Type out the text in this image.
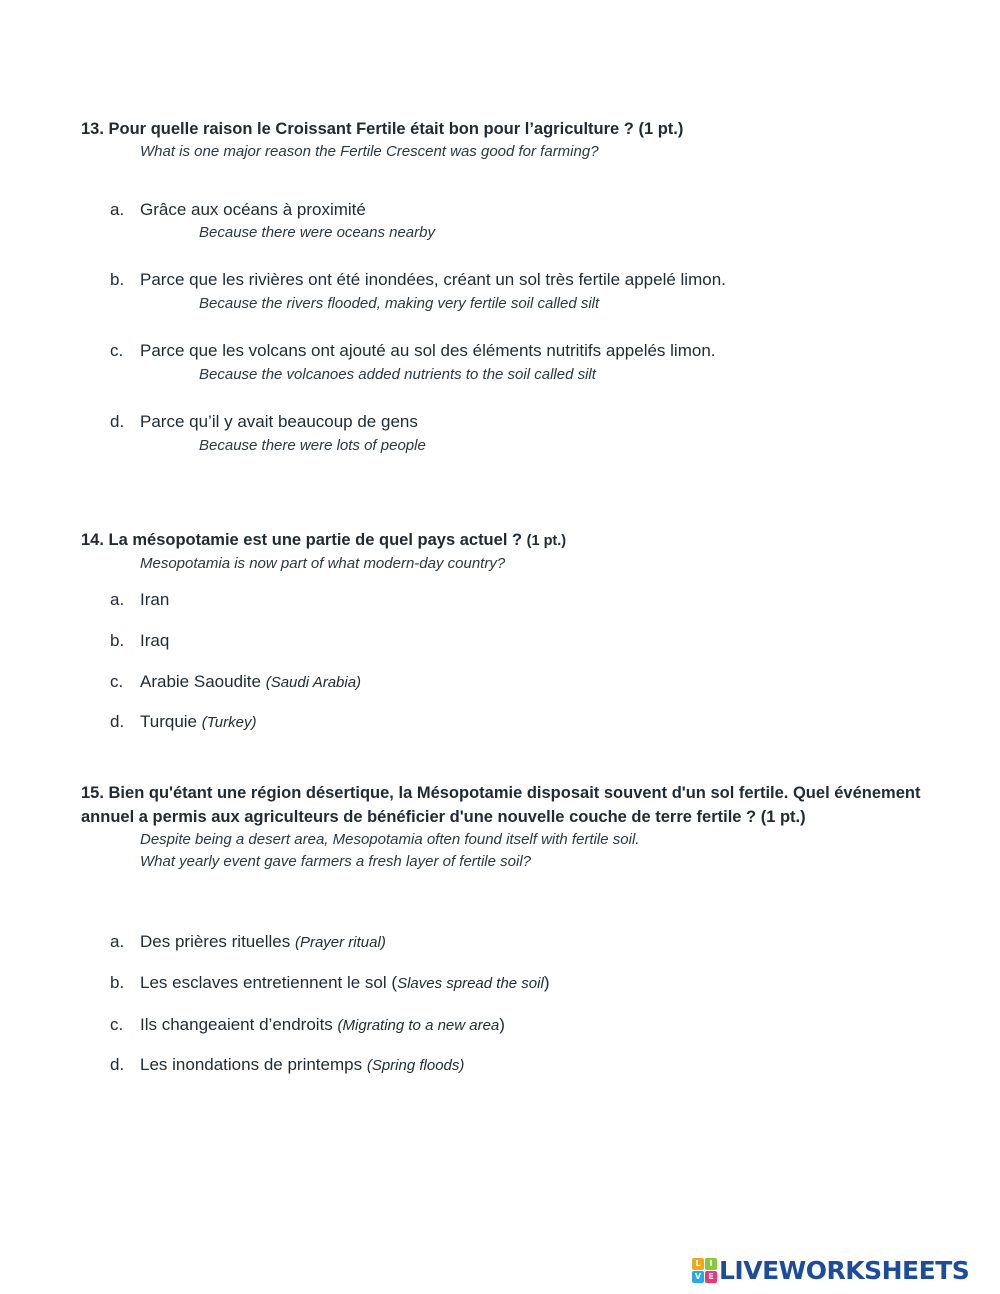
13. Pour quelle raison le Croissant Fertile était bon pour l’agriculture ? (1 pt.)

What is one major reason the Fertile Crescent was good for farming?
a. Grâce aux océans à proximité
Because there were oceans nearby
b. Parce que les rivières ont été inondées, créant un sol très fertile appelé limon.
Because the rivers flooded, making very fertile soil called silt
c. Parce que les volcans ont ajouté au sol des éléments nutritifs appelés limon.
Because the volcanoes added nutrients to the soil called silt
d. Parce qu’il y avait beaucoup de gens
Because there were lots of people

14. La mésopotamie est une partie de quel pays actuel ? (1 pt.)

Mesopotamia is now part of what modern-day country?
a. Iran
b. Iraq
c. Arabie Saoudite (Saudi Arabia)
d. Turquie (Turkey)

15. Bien qu'étant une région désertique, la Mésopotamie disposait souvent d'un sol fertile. Quel événement annuel a permis aux agriculteurs de bénéficier d'une nouvelle couche de terre fertile ? (1 pt.)

Despite being a desert area, Mesopotamia often found itself with fertile soil.
What yearly event gave farmers a fresh layer of fertile soil?
a. Des prières rituelles (Prayer ritual)
b. Les esclaves entretiennent le sol (Slaves spread the soil)
c. Ils changeaient d’endroits (Migrating to a new area)
d. Les inondations de printemps (Spring floods)
L	I
V E LIVEWORKSHEETS
